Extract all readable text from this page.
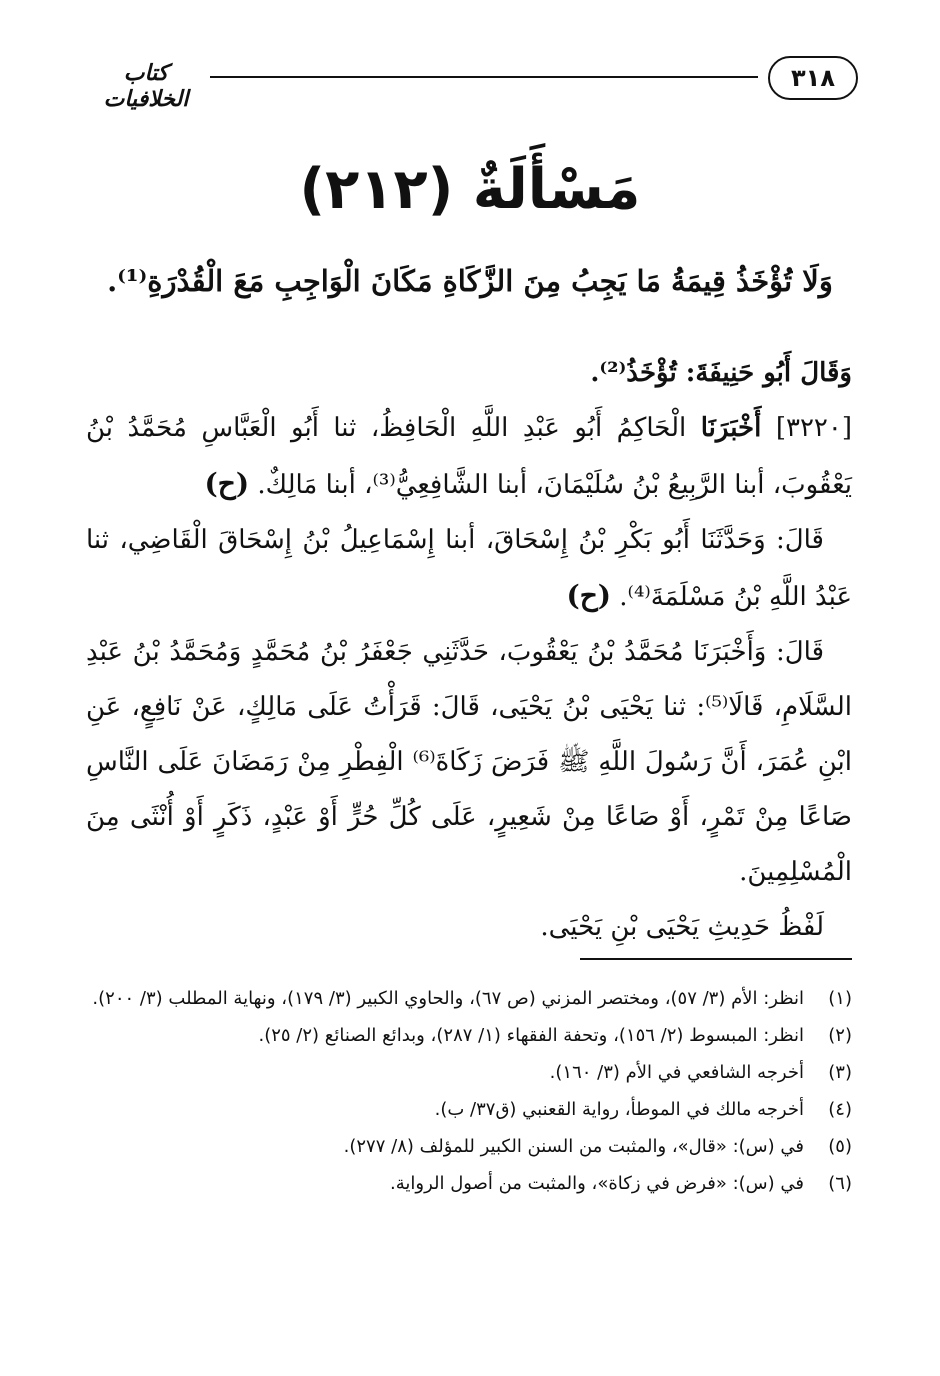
٣١٨
كتاب الخلافيات
مَسْأَلَةٌ (٢١٢)
وَلَا تُؤْخَذُ قِيمَةُ مَا يَجِبُ مِنَ الزَّكَاةِ مَكَانَ الْوَاجِبِ مَعَ الْقُدْرَةِ⁽¹⁾.

وَقَالَ أَبُو حَنِيفَةَ: تُؤْخَذُ⁽²⁾.

[٣٢٢٠] أَخْبَرَنَا الْحَاكِمُ أَبُو عَبْدِ اللَّهِ الْحَافِظُ، ثنا أَبُو الْعَبَّاسِ مُحَمَّدُ بْنُ يَعْقُوبَ، أبنا الرَّبِيعُ بْنُ سُلَيْمَانَ، أبنا الشَّافِعِيُّ⁽³⁾، أبنا مَالِكٌ. (ح)

قَالَ: وَحَدَّثَنَا أَبُو بَكْرِ بْنُ إِسْحَاقَ، أبنا إِسْمَاعِيلُ بْنُ إِسْحَاقَ الْقَاضِي، ثنا عَبْدُ اللَّهِ بْنُ مَسْلَمَةَ⁽⁴⁾. (ح)

قَالَ: وَأَخْبَرَنَا مُحَمَّدُ بْنُ يَعْقُوبَ، حَدَّثَنِي جَعْفَرُ بْنُ مُحَمَّدٍ وَمُحَمَّدُ بْنُ عَبْدِ السَّلَامِ، قَالَا⁽⁵⁾: ثنا يَحْيَى بْنُ يَحْيَى، قَالَ: قَرَأْتُ عَلَى مَالِكٍ، عَنْ نَافِعٍ، عَنِ ابْنِ عُمَرَ، أَنَّ رَسُولَ اللَّهِ ﷺ فَرَضَ زَكَاةَ⁽⁶⁾ الْفِطْرِ مِنْ رَمَضَانَ عَلَى النَّاسِ صَاعًا مِنْ تَمْرٍ، أَوْ صَاعًا مِنْ شَعِيرٍ، عَلَى كُلِّ حُرٍّ أَوْ عَبْدٍ، ذَكَرٍ أَوْ أُنْثَى مِنَ الْمُسْلِمِينَ.

لَفْظُ حَدِيثِ يَحْيَى بْنِ يَحْيَى.

(١)
انظر: الأم (٣/ ٥٧)، ومختصر المزني (ص ٦٧)، والحاوي الكبير (٣/ ١٧٩)، ونهاية المطلب (٣/ ٢٠٠).
(٢)
انظر: المبسوط (٢/ ١٥٦)، وتحفة الفقهاء (١/ ٢٨٧)، وبدائع الصنائع (٢/ ٢٥).
(٣)
أخرجه الشافعي في الأم (٣/ ١٦٠).
(٤)
أخرجه مالك في الموطأ، رواية القعنبي (ق٣٧/ ب).
(٥)
في (س): «قال»، والمثبت من السنن الكبير للمؤلف (٨/ ٢٧٧).
(٦)
في (س): «فرض في زكاة»، والمثبت من أصول الرواية.
